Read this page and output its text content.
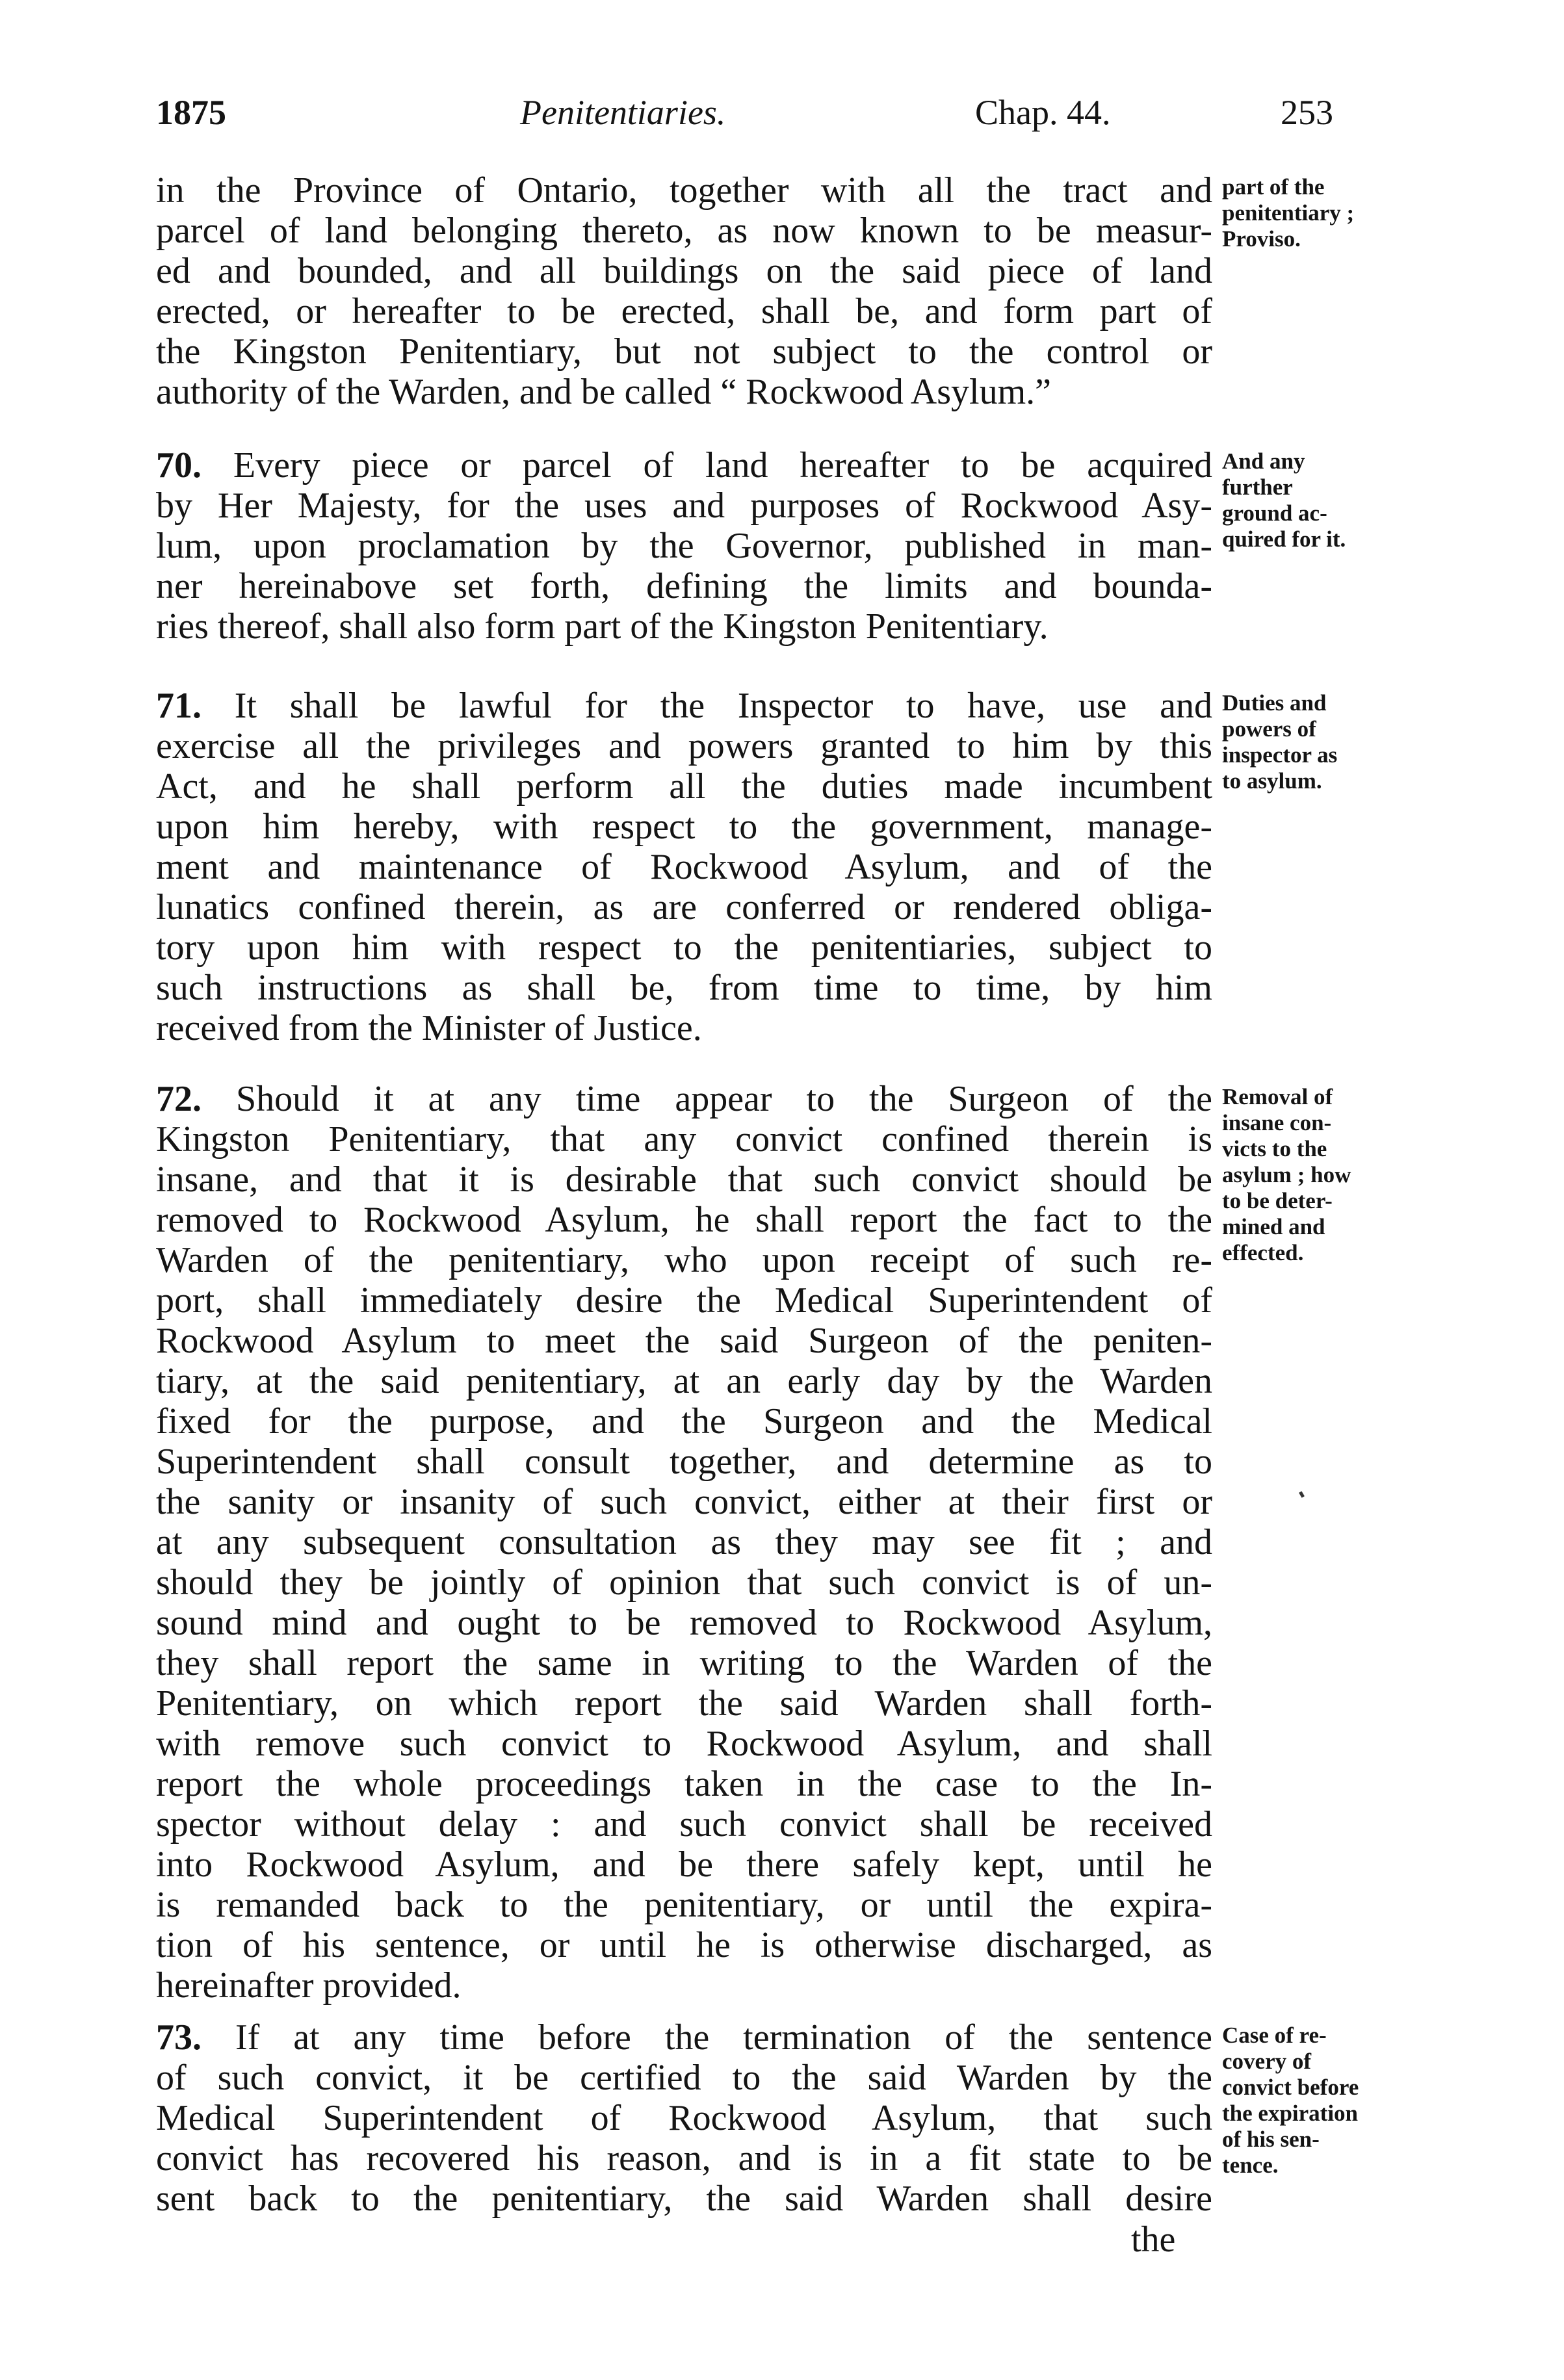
1875	Penitentiaries.	Chap. 44.	253
in the Province of Ontario, together with all the tract and
parcel of land belonging thereto, as now known to be measur-
ed and bounded, and all buildings on the said piece of land
erected, or hereafter to be erected, shall be, and form part of
the Kingston Penitentiary, but not subject to the control or
authority of the Warden, and be called “ Rockwood Asylum.”
70. Every piece or parcel of land hereafter to be acquired
by Her Majesty, for the uses and purposes of Rockwood Asy-
lum, upon proclamation by the Governor, published in man-
ner hereinabove set forth, defining the limits and bounda-
ries thereof, shall also form part of the Kingston Penitentiary.
71. It shall be lawful for the Inspector to have, use and
exercise all the privileges and powers granted to him by this
Act, and he shall perform all the duties made incumbent
upon him hereby, with respect to the government, manage-
ment and maintenance of Rockwood Asylum, and of the
lunatics confined therein, as are conferred or rendered obliga-
tory upon him with respect to the penitentiaries, subject to
such instructions as shall be, from time to time, by him
received from the Minister of Justice.
72. Should it at any time appear to the Surgeon of the
Kingston Penitentiary, that any convict confined therein is
insane, and that it is desirable that such convict should be
removed to Rockwood Asylum, he shall report the fact to the
Warden of the penitentiary, who upon receipt of such re-
port, shall immediately desire the Medical Superintendent of
Rockwood Asylum to meet the said Surgeon of the peniten-
tiary, at the said penitentiary, at an early day by the Warden
fixed for the purpose, and the Surgeon and the Medical
Superintendent shall consult together, and determine as to
the sanity or insanity of such convict, either at their first or
at any subsequent consultation as they may see fit ; and
should they be jointly of opinion that such convict is of un-
sound mind and ought to be removed to Rockwood Asylum,
they shall report the same in writing to the Warden of the
Penitentiary, on which report the said Warden shall forth-
with remove such convict to Rockwood Asylum, and shall
report the whole proceedings taken in the case to the In-
spector without delay : and such convict shall be received
into Rockwood Asylum, and be there safely kept, until he
is remanded back to the penitentiary, or until the expira-
tion of his sentence, or until he is otherwise discharged, as
hereinafter provided.
73. If at any time before the termination of the sentence
of such convict, it be certified to the said Warden by the
Medical Superintendent of Rockwood Asylum, that such
convict has recovered his reason, and is in a fit state to be
sent back to the penitentiary, the said Warden shall desire
part of the
penitentiary ;
Proviso.
And any
further
ground ac-
quired for it.
Duties and
powers of
inspector as
to asylum.
Removal of
insane con-
victs to the
asylum ; how
to be deter-
mined and
effected.
Case of re-
covery of
convict before
the expiration
of his sen-
tence.
the
